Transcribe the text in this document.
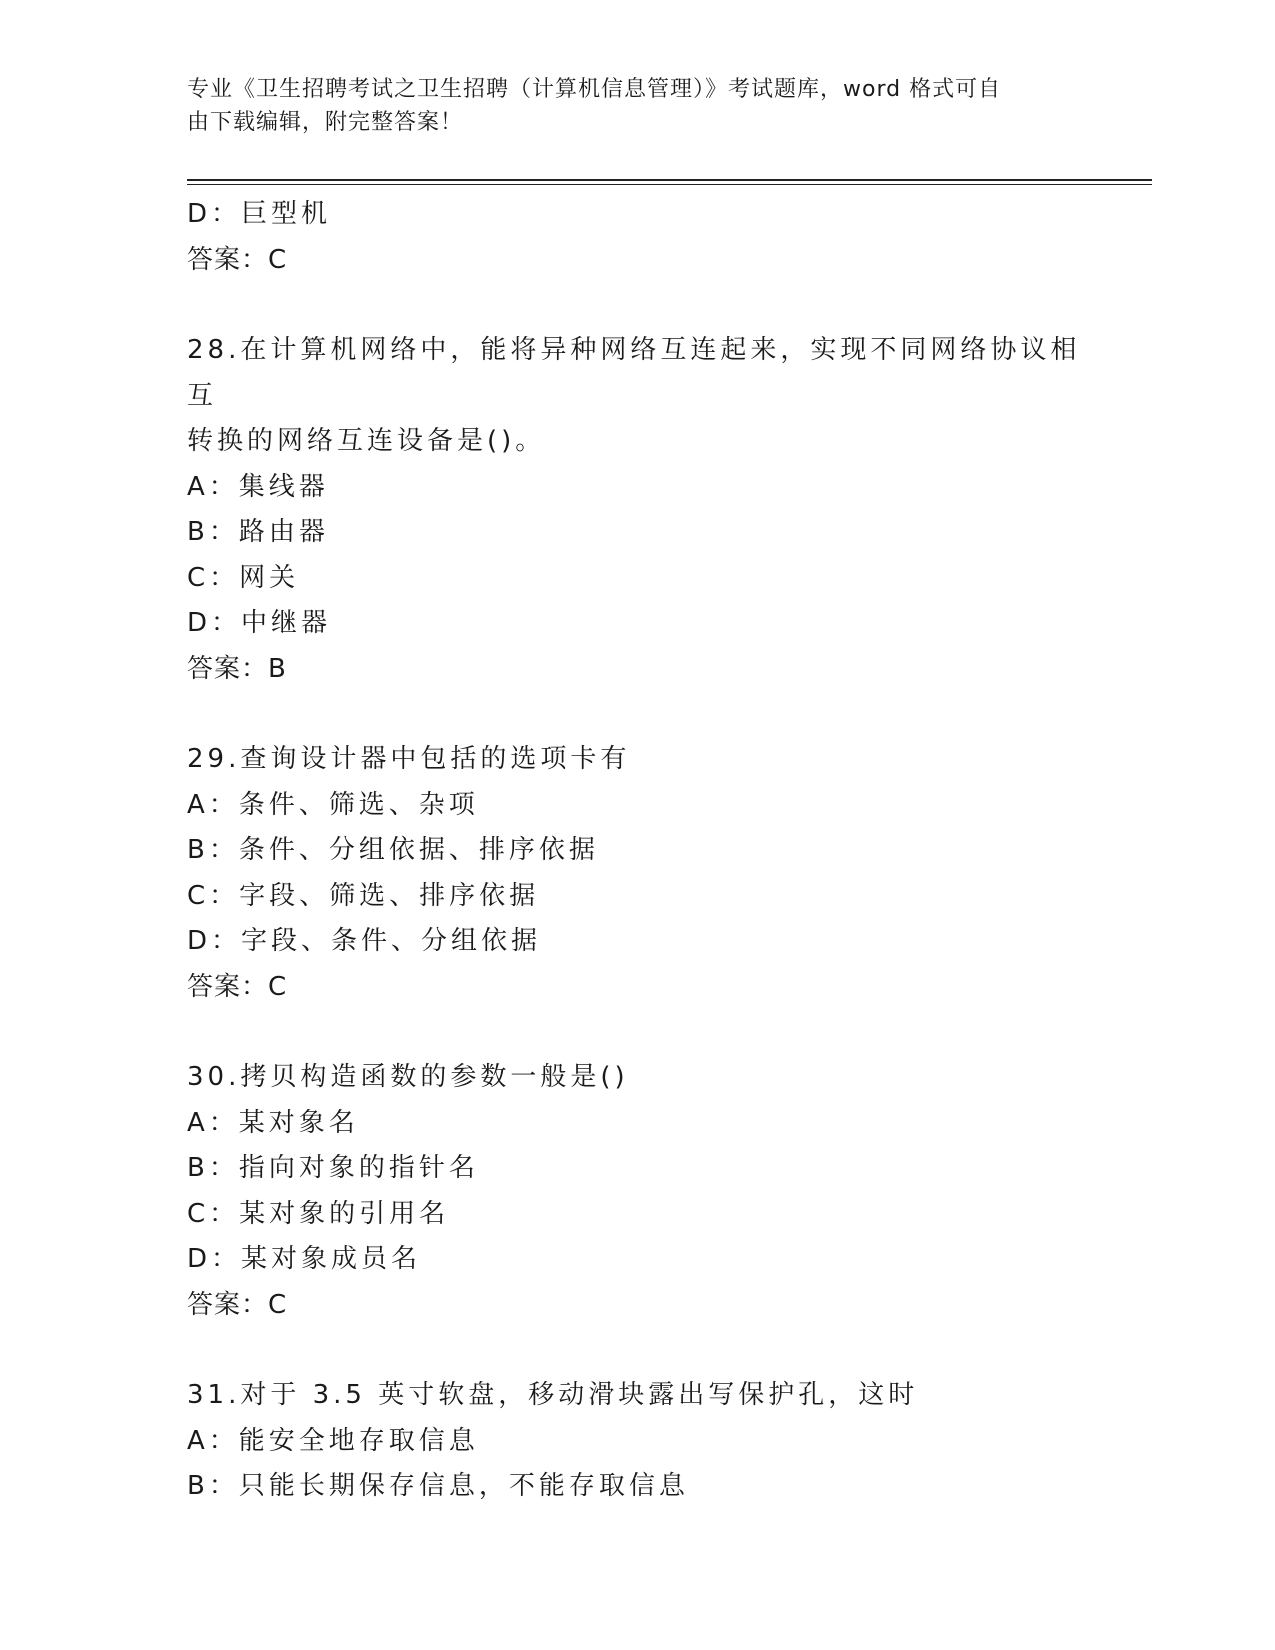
专业《卫生招聘考试之卫生招聘（计算机信息管理）》考试题库，word 格式可自
由下载编辑，附完整答案！
D：巨型机
答案：C
28.在计算机网络中，能将异种网络互连起来，实现不同网络协议相互
转换的网络互连设备是()。
A：集线器
B：路由器
C：网关
D：中继器
答案：B
29.查询设计器中包括的选项卡有
A：条件、筛选、杂项
B：条件、分组依据、排序依据
C：字段、筛选、排序依据
D：字段、条件、分组依据
答案：C
30.拷贝构造函数的参数一般是()
A：某对象名
B：指向对象的指针名
C：某对象的引用名
D：某对象成员名
答案：C
31.对于 3.5 英寸软盘，移动滑块露出写保护孔，这时
A：能安全地存取信息
B：只能长期保存信息，不能存取信息
